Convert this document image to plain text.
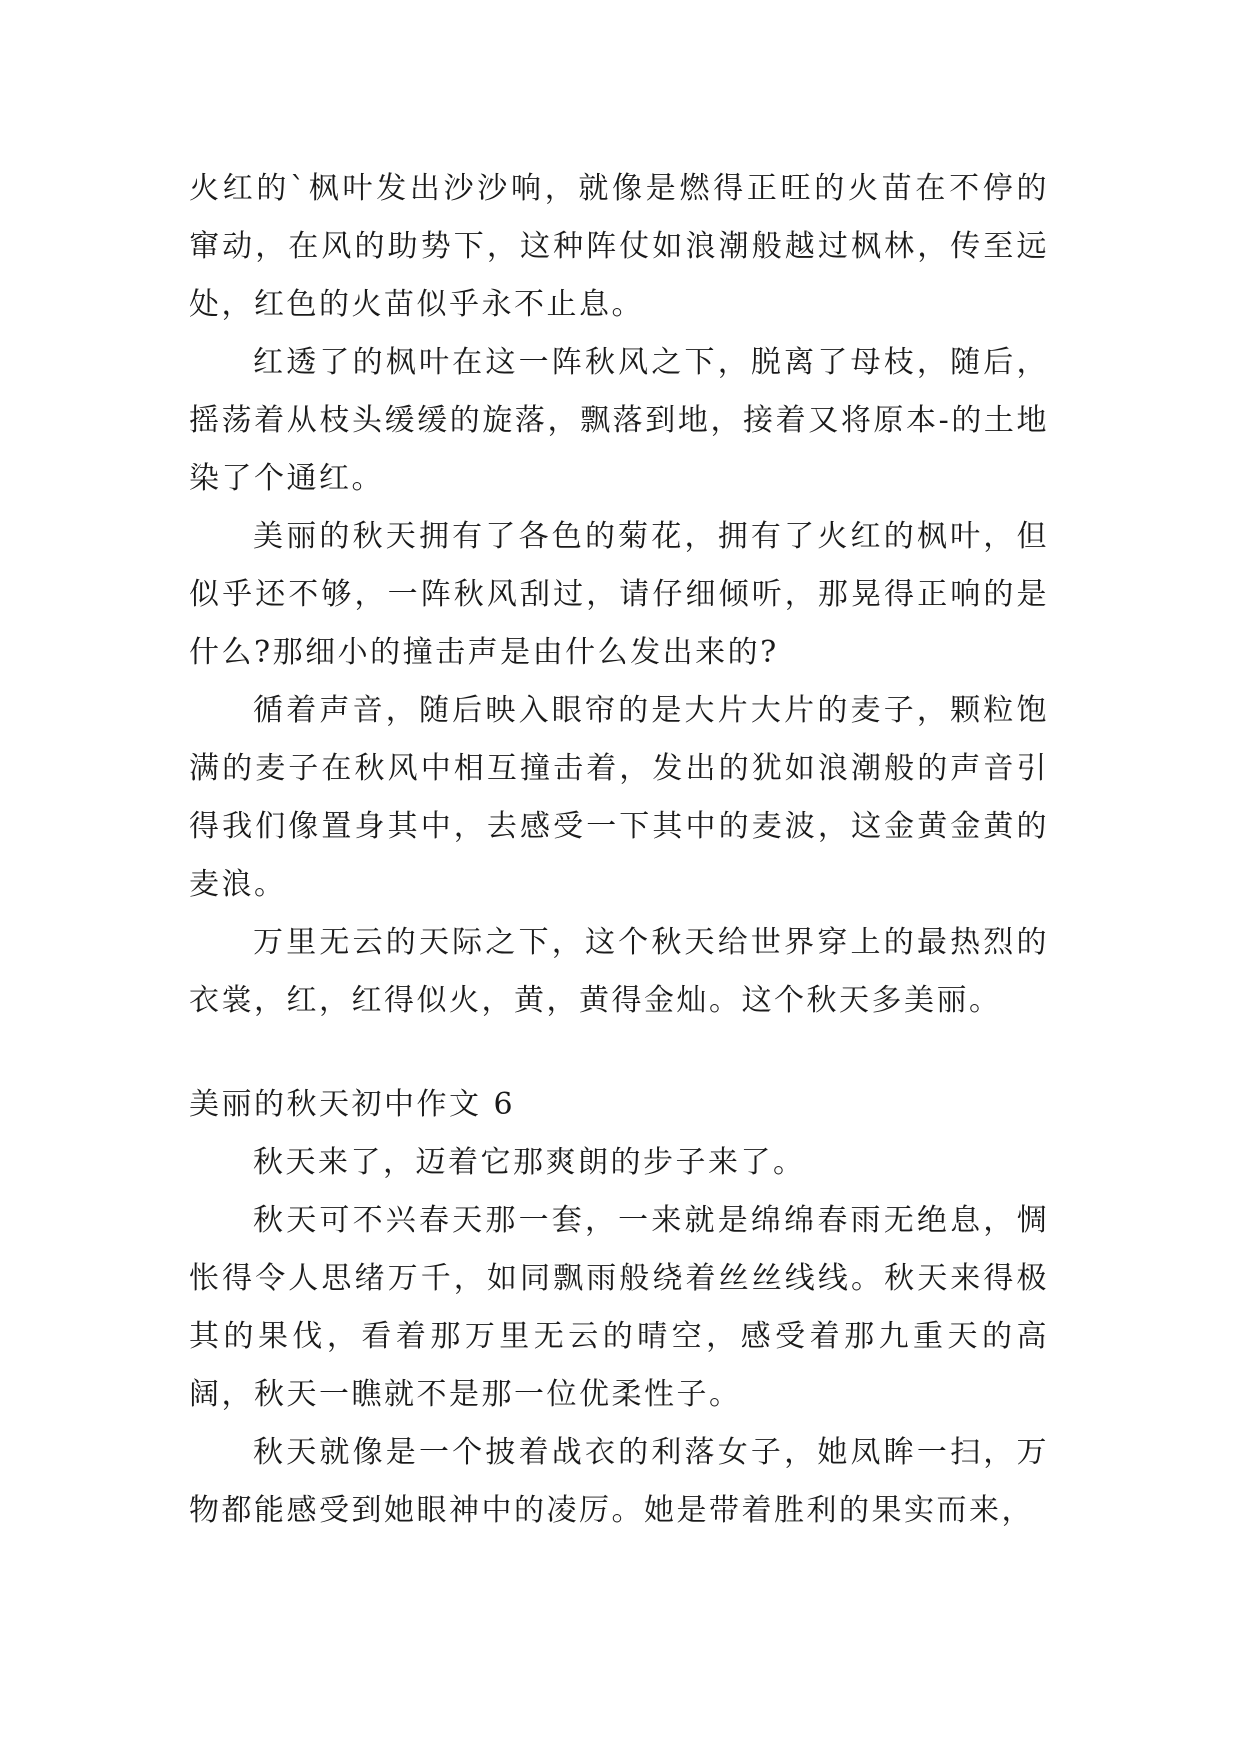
火红的`枫叶发出沙沙响，就像是燃得正旺的火苗在不停的窜动，在风的助势下，这种阵仗如浪潮般越过枫林，传至远处，红色的火苗似乎永不止息。

红透了的枫叶在这一阵秋风之下，脱离了母枝，随后，摇荡着从枝头缓缓的旋落，飘落到地，接着又将原本-的土地染了个通红。

美丽的秋天拥有了各色的菊花，拥有了火红的枫叶，但似乎还不够，一阵秋风刮过，请仔细倾听，那晃得正响的是什么?那细小的撞击声是由什么发出来的?

循着声音，随后映入眼帘的是大片大片的麦子，颗粒饱满的麦子在秋风中相互撞击着，发出的犹如浪潮般的声音引得我们像置身其中，去感受一下其中的麦波，这金黄金黄的麦浪。

万里无云的天际之下，这个秋天给世界穿上的最热烈的衣裳，红，红得似火，黄，黄得金灿。这个秋天多美丽。

美丽的秋天初中作文 6

秋天来了，迈着它那爽朗的步子来了。

秋天可不兴春天那一套，一来就是绵绵春雨无绝息，惆怅得令人思绪万千，如同飘雨般绕着丝丝线线。秋天来得极其的果伐，看着那万里无云的晴空，感受着那九重天的高阔，秋天一瞧就不是那一位优柔性子。

秋天就像是一个披着战衣的利落女子，她凤眸一扫，万物都能感受到她眼神中的凌厉。她是带着胜利的果实而来，
